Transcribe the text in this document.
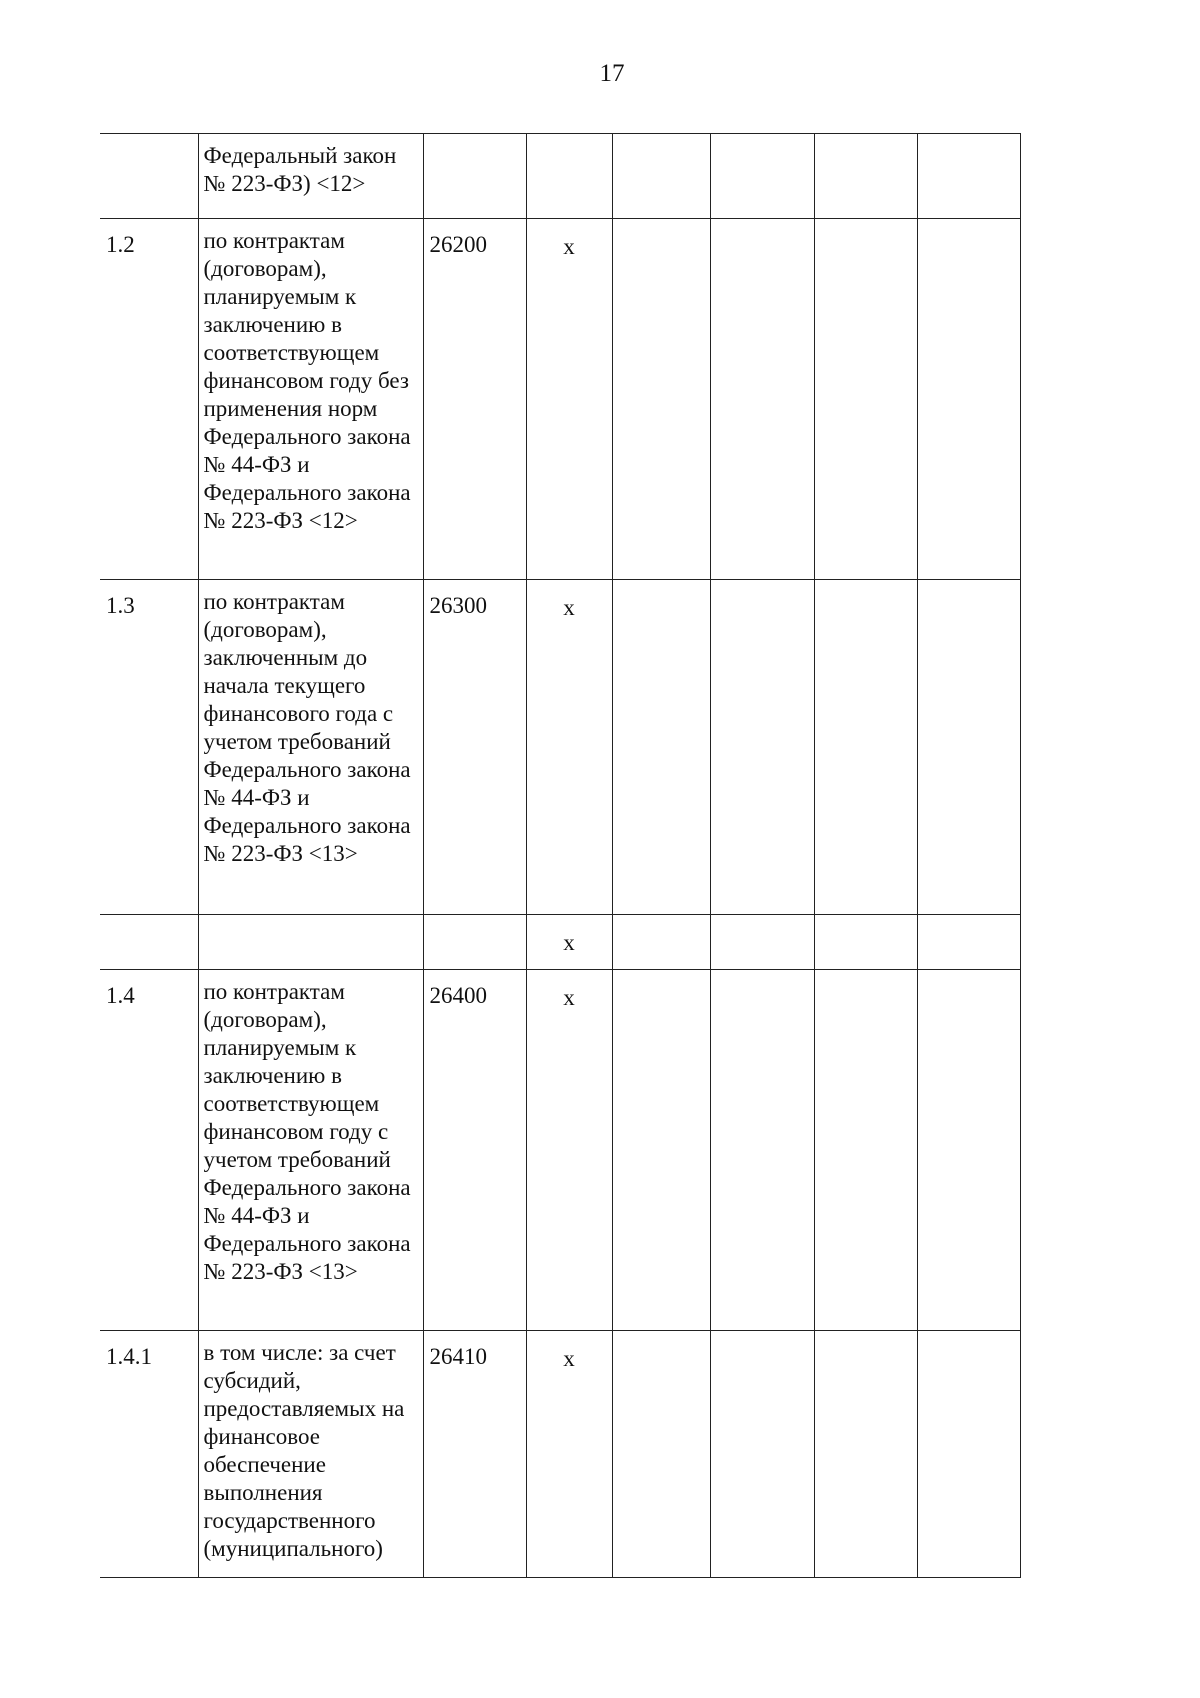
17
	Федеральный закон № 223-ФЗ) <12>						
1.2	по контрактам (договорам), планируемым к заключению в соответствующем финансовом году без применения норм Федерального закона № 44-ФЗ и Федерального закона № 223-ФЗ <12>	26200	х				
1.3	по контрактам (договорам), заключенным до начала текущего финансового года с учетом требований Федерального закона № 44-ФЗ и Федерального закона № 223-ФЗ <13>	26300	х				
			х				
1.4	по контрактам (договорам), планируемым к заключению в соответствующем финансовом году с учетом требований Федерального закона № 44-ФЗ и Федерального закона № 223-ФЗ <13>	26400	х				
1.4.1	в том числе: за счет субсидий, предоставляемых на финансовое обеспечение выполнения государственного (муниципального)	26410	х				
